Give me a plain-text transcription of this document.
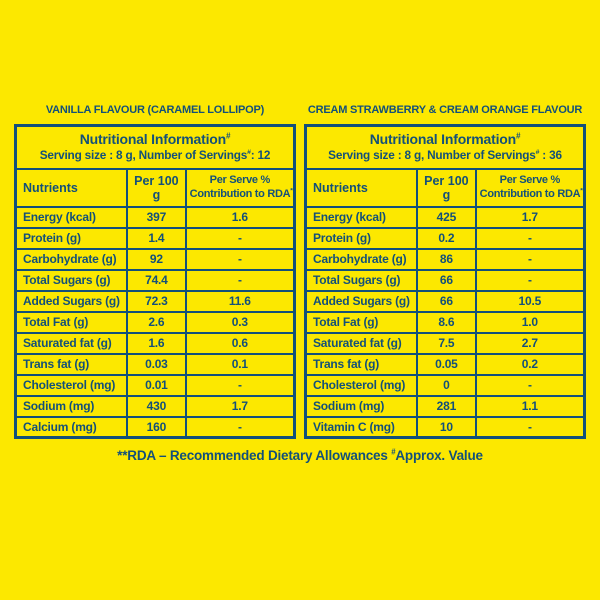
VANILLA FLAVOUR (CARAMEL LOLLIPOP)
Nutritional Information#
Serving size : 8 g, Number of Servings#: 12		

Nutrients	Per 100 g	Per Serve %
Contribution to RDA**
Energy (kcal)	397	1.6
Protein (g)	1.4	-
Carbohydrate (g)	92	-
Total Sugars (g)	74.4	-
Added Sugars (g)	72.3	11.6
Total Fat (g)	2.6	0.3
Saturated fat (g)	1.6	0.6
Trans fat (g)	0.03	0.1
Cholesterol (mg)	0.01	-
Sodium (mg)	430	1.7
Calcium (mg)	160	-
CREAM STRAWBERRY & CREAM ORANGE FLAVOUR
Nutritional Information#
Serving size : 8 g, Number of Servings# : 36		

Nutrients	Per 100 g	Per Serve %
Contribution to RDA**
Energy (kcal)	425	1.7
Protein (g)	0.2	-
Carbohydrate (g)	86	-
Total Sugars (g)	66	-
Added Sugars (g)	66	10.5
Total Fat (g)	8.6	1.0
Saturated fat (g)	7.5	2.7
Trans fat (g)	0.05	0.2
Cholesterol (mg)	0	-
Sodium (mg)	281	1.1
Vitamin C (mg)	10	-

**RDA – Recommended Dietary Allowances #Approx. Value
